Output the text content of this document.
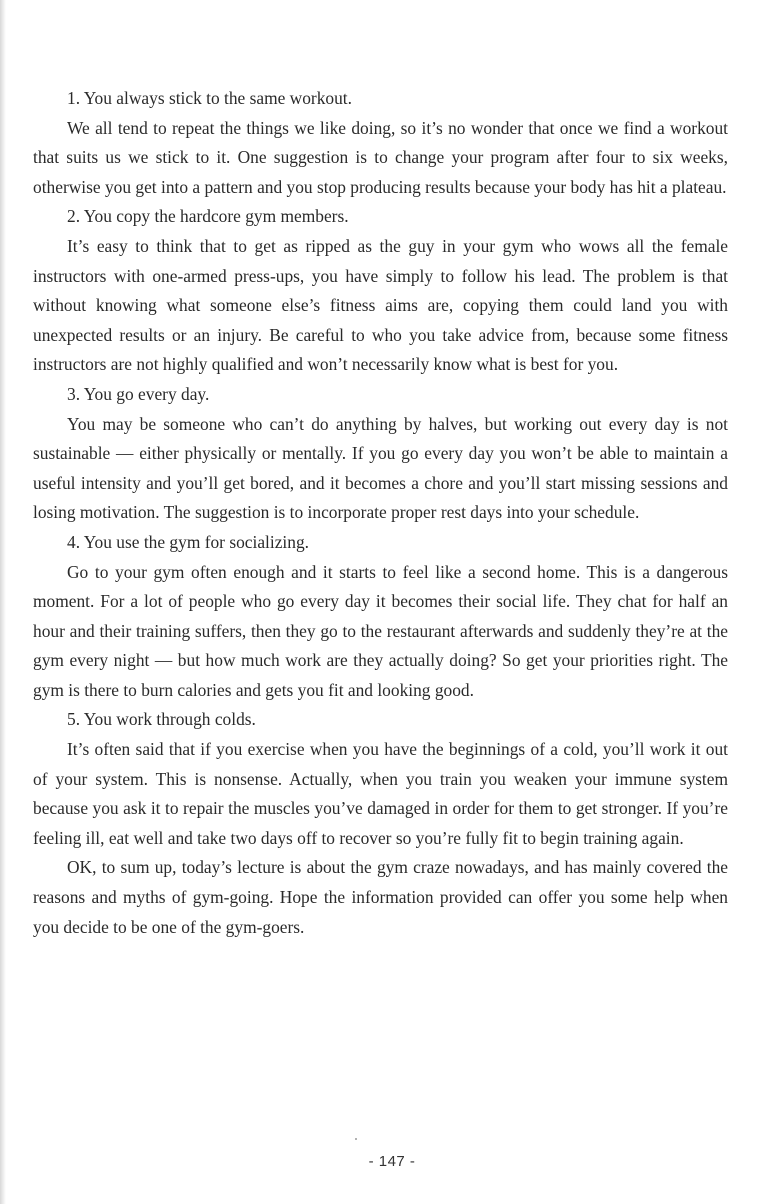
1. You always stick to the same workout.

We all tend to repeat the things we like doing, so it’s no wonder that once we find a workout that suits us we stick to it. One suggestion is to change your program after four to six weeks, otherwise you get into a pattern and you stop producing results because your body has hit a plateau.

2. You copy the hardcore gym members.

It’s easy to think that to get as ripped as the guy in your gym who wows all the female instructors with one-armed press-ups, you have simply to follow his lead. The problem is that without knowing what someone else’s fitness aims are, copying them could land you with unexpected results or an injury. Be careful to who you take advice from, because some fitness instructors are not highly qualified and won’t necessarily know what is best for you.

3. You go every day.

You may be someone who can’t do anything by halves, but working out every day is not sustainable — either physically or mentally. If you go every day you won’t be able to maintain a useful intensity and you’ll get bored, and it becomes a chore and you’ll start missing sessions and losing motivation. The suggestion is to incorporate proper rest days into your schedule.

4. You use the gym for socializing.

Go to your gym often enough and it starts to feel like a second home. This is a dangerous moment. For a lot of people who go every day it becomes their social life. They chat for half an hour and their training suffers, then they go to the restaurant afterwards and suddenly they’re at the gym every night — but how much work are they actually doing? So get your priorities right. The gym is there to burn calories and gets you fit and looking good.

5. You work through colds.

It’s often said that if you exercise when you have the beginnings of a cold, you’ll work it out of your system. This is nonsense. Actually, when you train you weaken your immune system because you ask it to repair the muscles you’ve damaged in order for them to get stronger. If you’re feeling ill, eat well and take two days off to recover so you’re fully fit to begin training again.

OK, to sum up, today’s lecture is about the gym craze nowadays, and has mainly covered the reasons and myths of gym-going. Hope the information provided can offer you some help when you decide to be one of the gym-goers.

- 147 -
